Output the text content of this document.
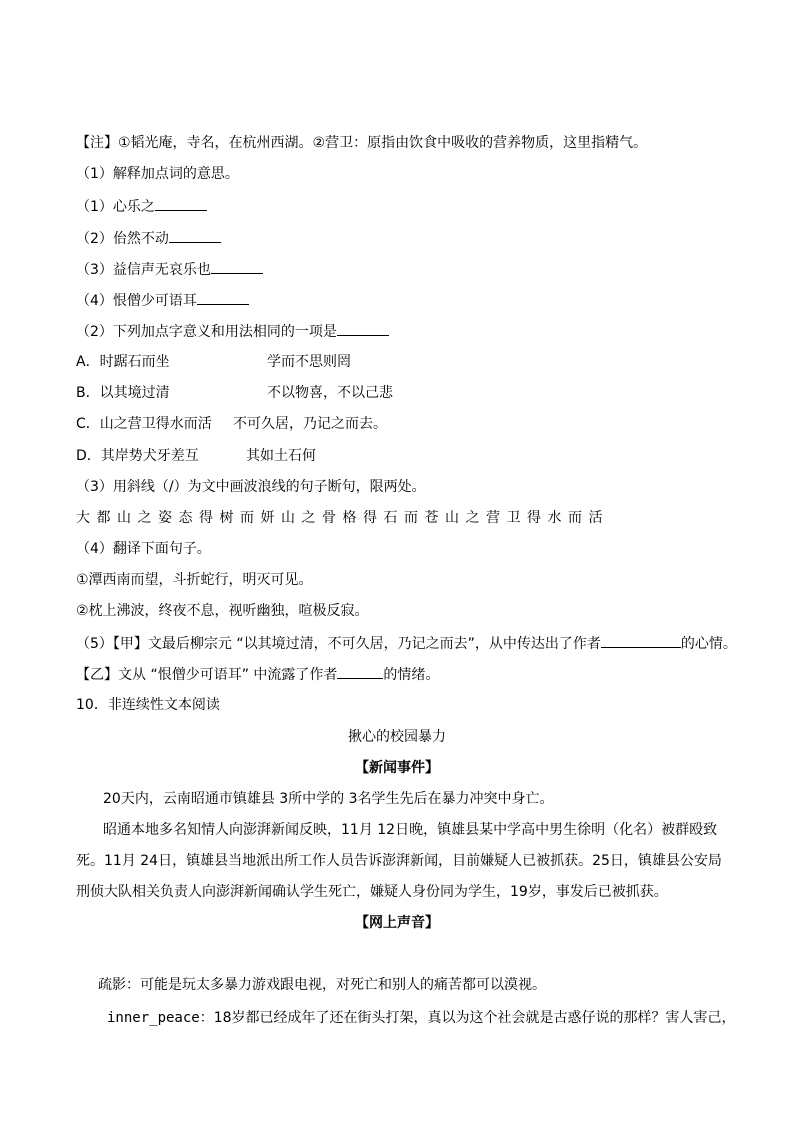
【注】①韬光庵，寺名，在杭州西湖。②营卫：原指由饮食中吸收的营养物质，这里指精气。
（1）解释加点词的意思。
（1）心乐之
（2）佁然不动
（3）益信声无哀乐也
（4）恨僧少可语耳
（2）下列加点字意义和用法相同的一项是
A．时踞石而坐	学而不思则罔
B．以其境过清	不以物喜，不以己悲
C．山之营卫得水而活 不可久居，乃记之而去。
D．其岸势犬牙差互	其如土石何
（3）用斜线（/）为文中画波浪线的句子断句，限两处。
大都山之姿态得树而妍山之骨格得石而苍山之营卫得水而活
（4）翻译下面句子。
①潭西南而望，斗折蛇行，明灭可见。
②枕上沸波，终夜不息，视听幽独，喧极反寂。
（5）【甲】文最后柳宗元 “以其境过清，不可久居，乃记之而去”，从中传达出了作者	的心情。
【乙】文从 “恨僧少可语耳” 中流露了作者	的情绪。
10．非连续性文本阅读
揪心的校园暴力
【新闻事件】
20天内，云南昭通市镇雄县 3所中学的 3名学生先后在暴力冲突中身亡。
昭通本地多名知情人向澎湃新闻反映，11月 12日晚，镇雄县某中学高中男生徐明（化名）被群殴致
死。11月 24日，镇雄县当地派出所工作人员告诉澎湃新闻，目前嫌疑人已被抓获。25日，镇雄县公安局
刑侦大队相关负责人向澎湃新闻确认学生死亡，嫌疑人身份同为学生，19岁，事发后已被抓获。
【网上声音】
疏影：可能是玩太多暴力游戏跟电视，对死亡和别人的痛苦都可以漠视。
inner_peace：18岁都已经成年了还在街头打架，真以为这个社会就是古惑仔说的那样？害人害己，
